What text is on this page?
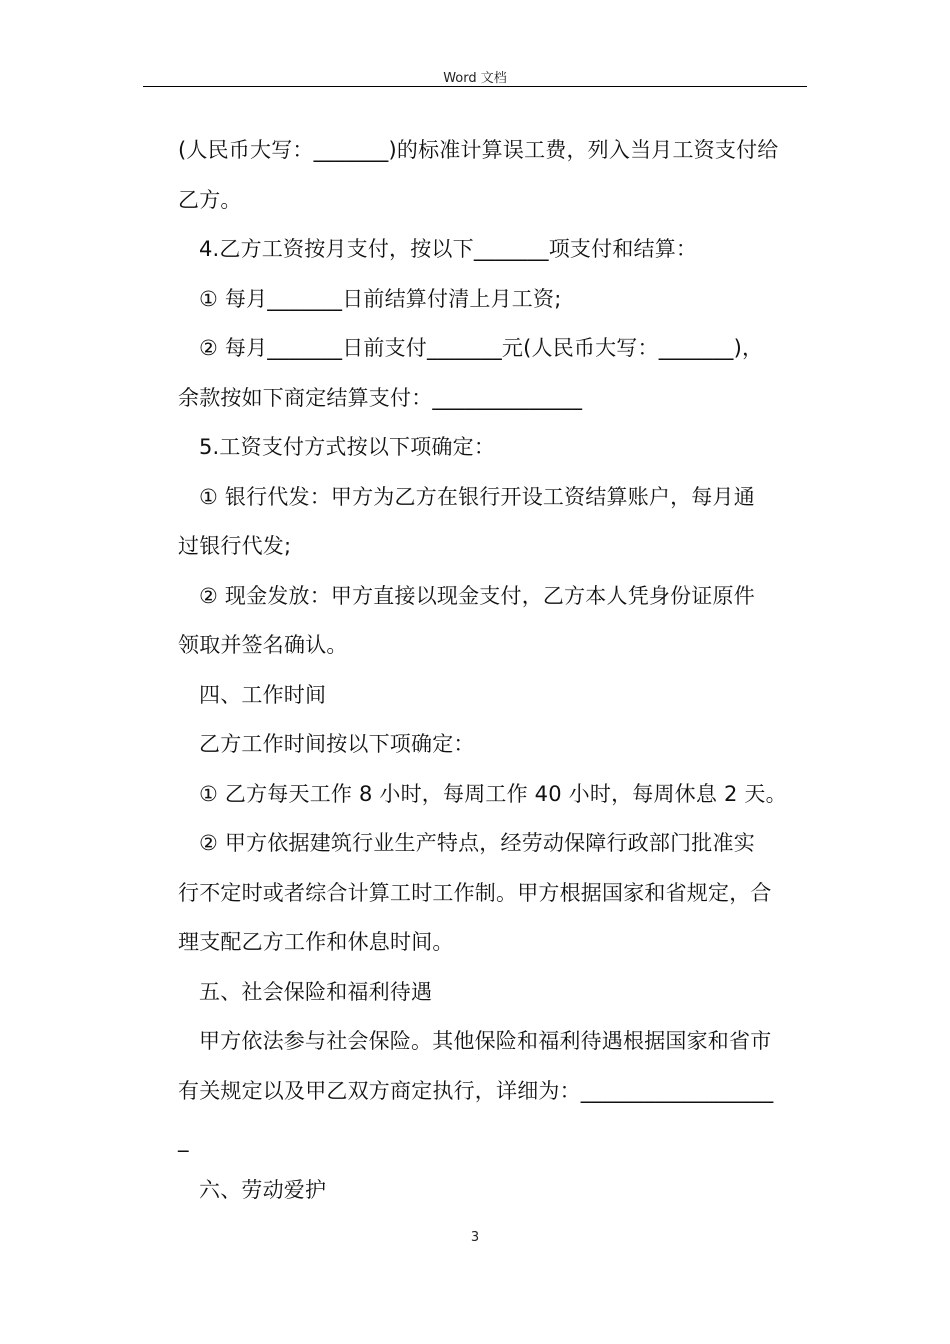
Word 文档

(人民币大写：_______)的标准计算误工费，列入当月工资支付给

乙方。

4.乙方工资按月支付，按以下_______项支付和结算：

① 每月_______日前结算付清上月工资;

② 每月_______日前支付_______元(人民币大写：_______)，

余款按如下商定结算支付：______________

5.工资支付方式按以下项确定：

① 银行代发：甲方为乙方在银行开设工资结算账户，每月通

过银行代发;

② 现金发放：甲方直接以现金支付，乙方本人凭身份证原件

领取并签名确认。

四、工作时间

乙方工作时间按以下项确定：

① 乙方每天工作 8 小时，每周工作 40 小时，每周休息 2 天。

② 甲方依据建筑行业生产特点，经劳动保障行政部门批准实

行不定时或者综合计算工时工作制。甲方根据国家和省规定，合

理支配乙方工作和休息时间。

五、社会保险和福利待遇

甲方依法参与社会保险。其他保险和福利待遇根据国家和省市

有关规定以及甲乙双方商定执行，详细为：__________________

_

六、劳动爱护

3
